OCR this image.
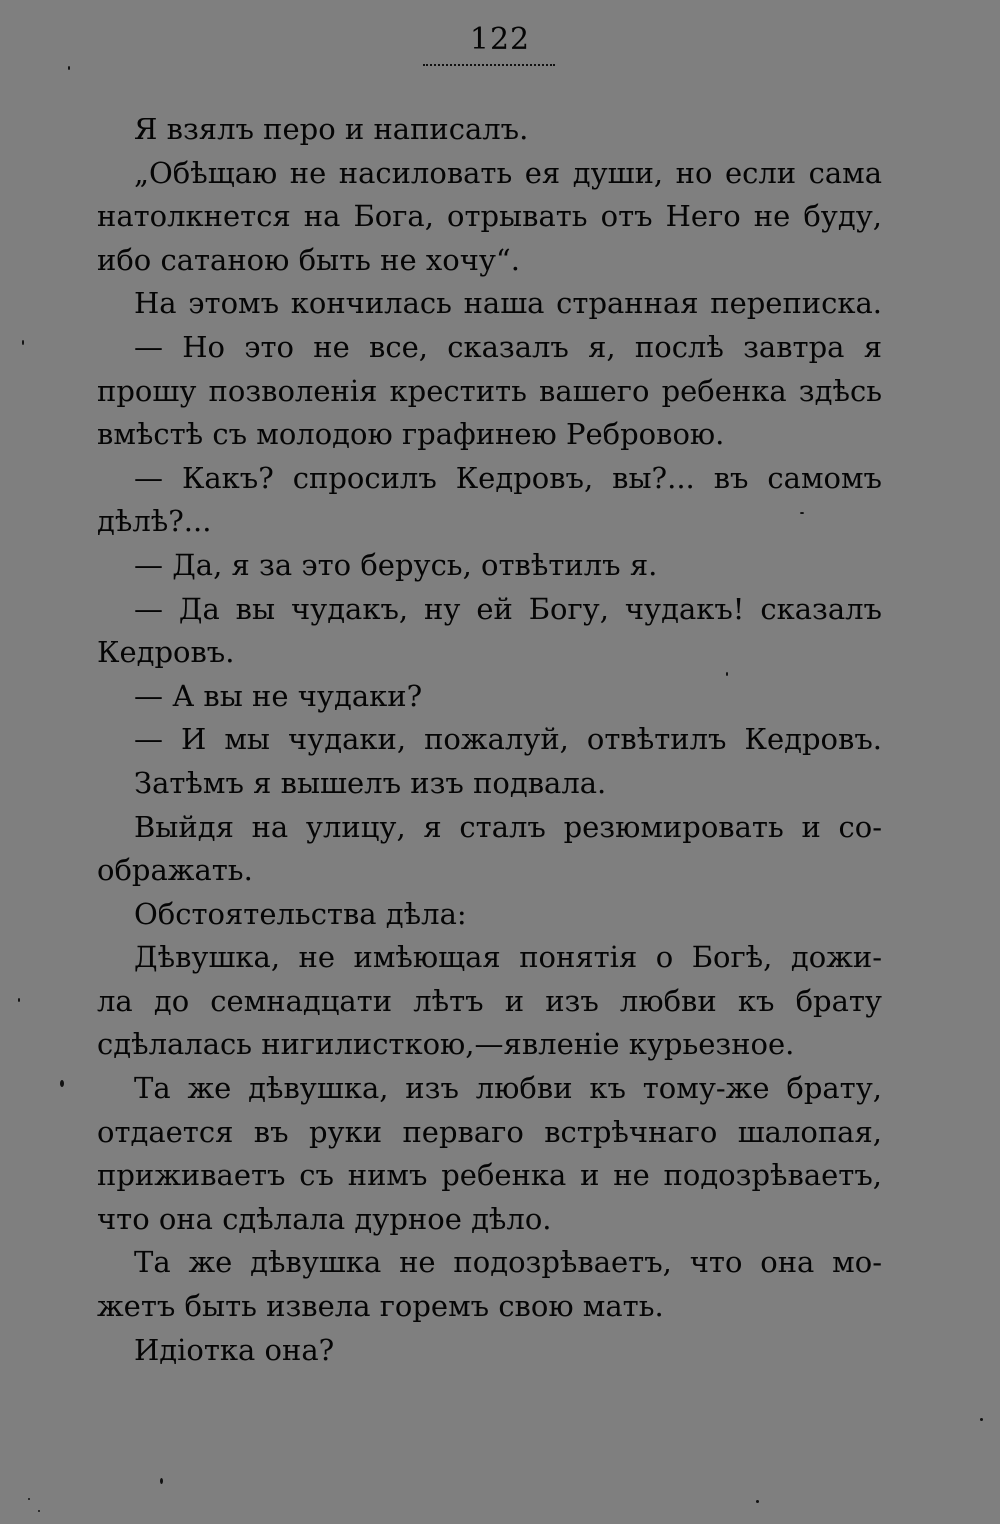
122
Я взялъ перо и написалъ.
„Обѣщаю не насиловать ея души, но если сама
натолкнется на Бога, отрывать отъ Него не буду,
ибо сатаною быть не хочу“.
На этомъ кончилась наша странная переписка.
— Но это не все, сказалъ я, послѣ завтра я
прошу позволенія крестить вашего ребенка здѣсь
вмѣстѣ съ молодою графинею Ребровою.
— Какъ? спросилъ Кедровъ, вы?... въ самомъ
дѣлѣ?...
— Да, я за это берусь, отвѣтилъ я.
— Да вы чудакъ, ну ей Богу, чудакъ! сказалъ
Кедровъ.
— А вы не чудаки?
— И мы чудаки, пожалуй, отвѣтилъ Кедровъ.
Затѣмъ я вышелъ изъ подвала.
Выйдя на улицу, я сталъ резюмировать и со-
ображать.
Обстоятельства дѣла:
Дѣвушка, не имѣющая понятія о Богѣ, дожи-
ла до семнадцати лѣтъ и изъ любви къ брату
сдѣлалась нигилисткою,—явленіе курьезное.
Та же дѣвушка, изъ любви къ тому-же брату,
отдается въ руки перваго встрѣчнаго шалопая,
приживаетъ съ нимъ ребенка и не подозрѣваетъ,
что она сдѣлала дурное дѣло.
Та же дѣвушка не подозрѣваетъ, что она мо-
жетъ быть извела горемъ свою мать.
Идіотка она?
